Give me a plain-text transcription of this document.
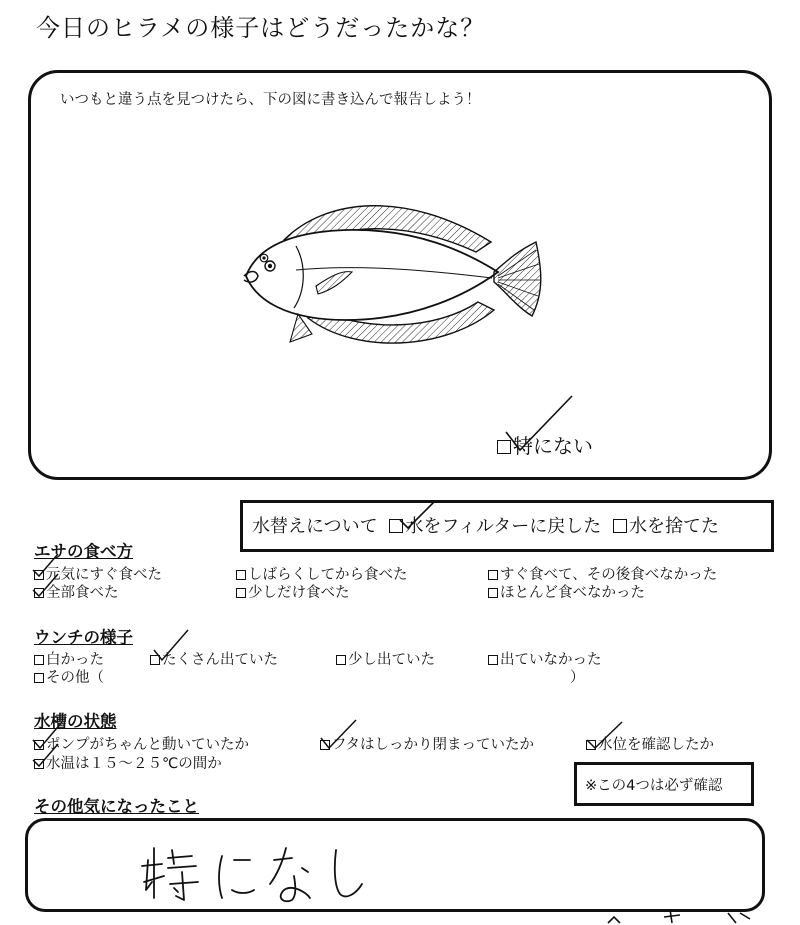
今日のヒラメの様子はどうだったかな？
いつもと違う点を見つけたら、下の図に書き込んで報告しよう！
特にない
水替えについて 水をフィルターに戻した 水を捨てた
エサの食べ方
元気にすぐ食べた	しばらくしてから食べた	すぐ食べて、その後食べなかった
全部食べた	少しだけ食べた	ほとんど食べなかった
ウンチの様子
白かった	たくさん出ていた	少し出ていた	出ていなかった
その他（	）
水槽の状態
ポンプがちゃんと動いていたか	フタはしっかり閉まっていたか	水位を確認したか
水温は１５～２５℃の間か
※この4つは必ず確認
その他気になったこと
